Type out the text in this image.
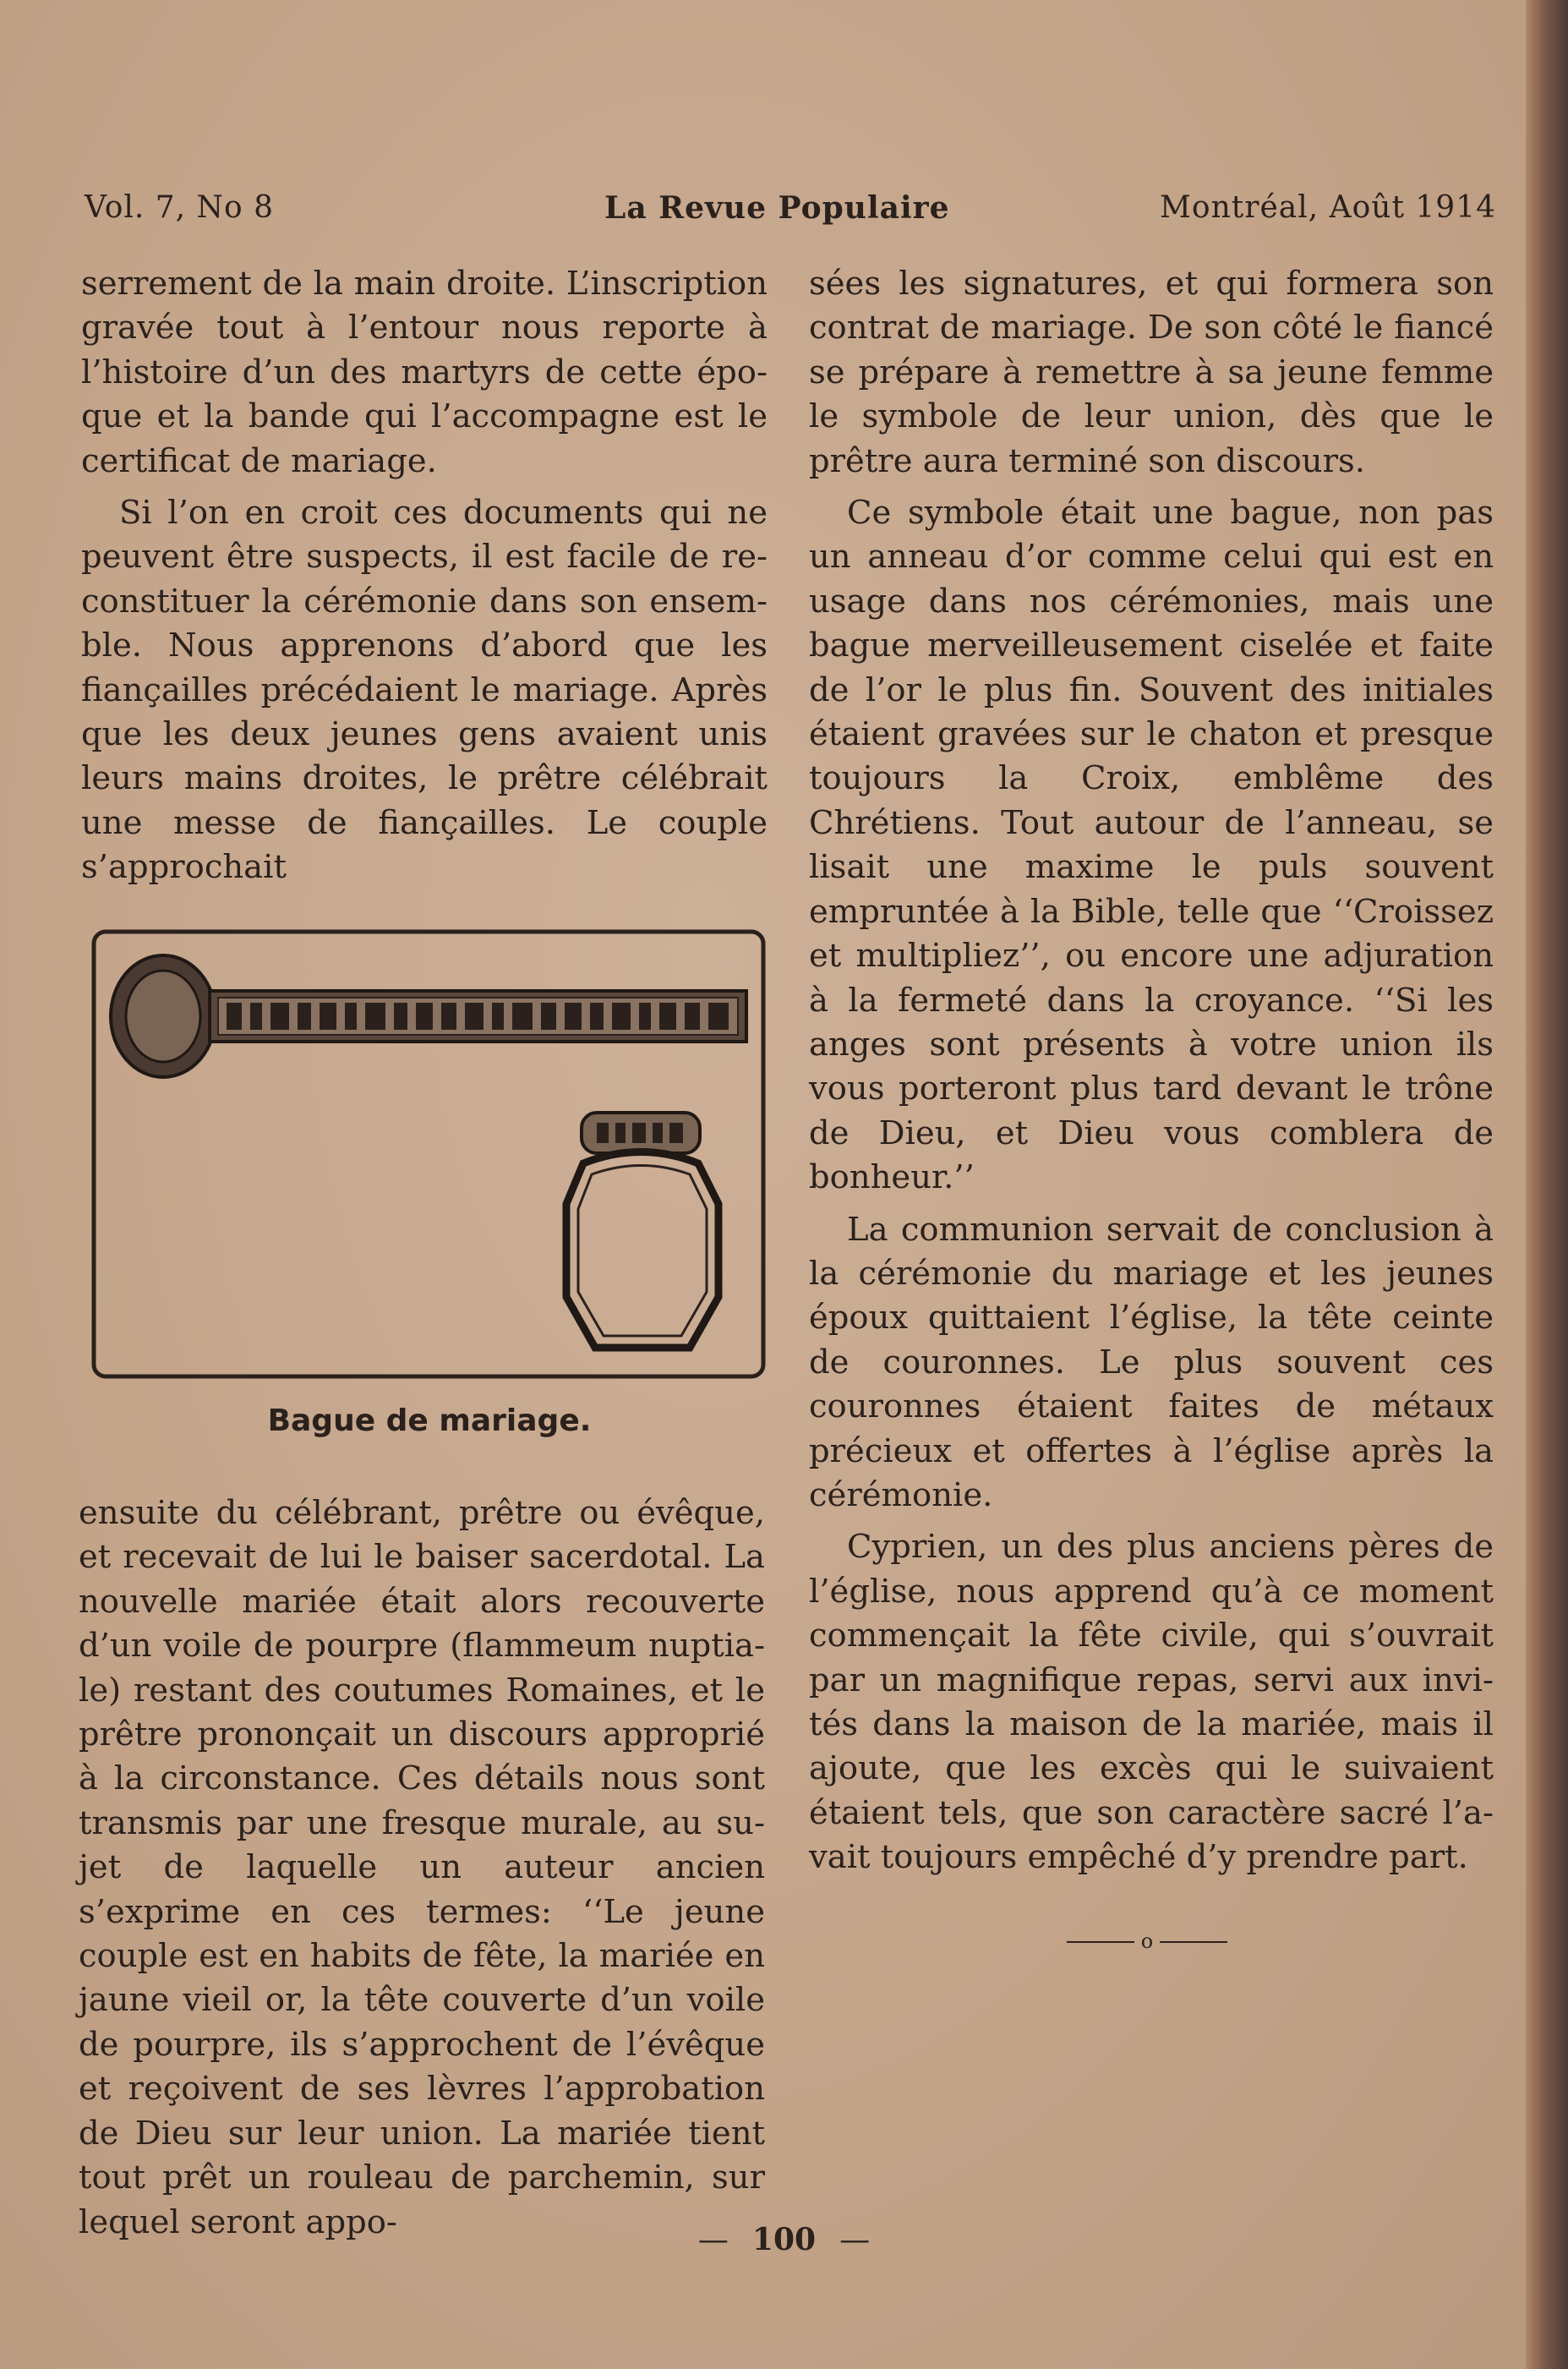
Vol. 7, No 8	La Revue Populaire	Montréal, Août 1914

serrement de la main droite. L’inscription gravée tout à l’entour nous reporte à l’histoire d’un des martyrs de cette époque et la bande qui l’accompagne est le certificat de mariage.

Si l’on en croit ces documents qui ne peuvent être suspects, il est facile de reconstituer la cérémonie dans son ensemble. Nous apprenons d’abord que les fiançailles précédaient le mariage. Après que les deux jeunes gens avaient unis leurs mains droites, le prêtre célébrait une messe de fiançailles. Le couple s’approchait

Bague de mariage.

ensuite du célébrant, prêtre ou évêque, et recevait de lui le baiser sacerdotal. La nouvelle mariée était alors recouverte d’un voile de pourpre (flammeum nuptiale) restant des coutumes Romaines, et le prêtre prononçait un discours approprié à la circonstance. Ces détails nous sont transmis par une fresque murale, au sujet de laquelle un auteur ancien s’exprime en ces termes: ‘‘Le jeune couple est en habits de fête, la mariée en jaune vieil or, la tête couverte d’un voile de pourpre, ils s’approchent de l’évêque et reçoivent de ses lèvres l’approbation de Dieu sur leur union. La mariée tient tout prêt un rouleau de parchemin, sur lequel seront appo-

sées les signatures, et qui formera son contrat de mariage. De son côté le fiancé se prépare à remettre à sa jeune femme le symbole de leur union, dès que le prêtre aura terminé son discours.

Ce symbole était une bague, non pas un anneau d’or comme celui qui est en usage dans nos cérémonies, mais une bague merveilleusement ciselée et faite de l’or le plus fin. Souvent des initiales étaient gravées sur le chaton et presque toujours la Croix, emblême des Chrétiens. Tout autour de l’anneau, se lisait une maxime le puls souvent empruntée à la Bible, telle que ‘‘Croissez et multipliez’’, ou encore une adjuration à la fermeté dans la croyance. ‘‘Si les anges sont présents à votre union ils vous porteront plus tard devant le trône de Dieu, et Dieu vous comblera de bonheur.’’

La communion servait de conclusion à la cérémonie du mariage et les jeunes époux quittaient l’église, la tête ceinte de couronnes. Le plus souvent ces couronnes étaient faites de métaux précieux et offertes à l’église après la cérémonie.

Cyprien, un des plus anciens pères de l’église, nous apprend qu’à ce moment commençait la fête civile, qui s’ouvrait par un magnifique repas, servi aux invités dans la maison de la mariée, mais il ajoute, que les excès qui le suivaient étaient tels, que son caractère sacré l’avait toujours empêché d’y prendre part.

o
— 100 —
